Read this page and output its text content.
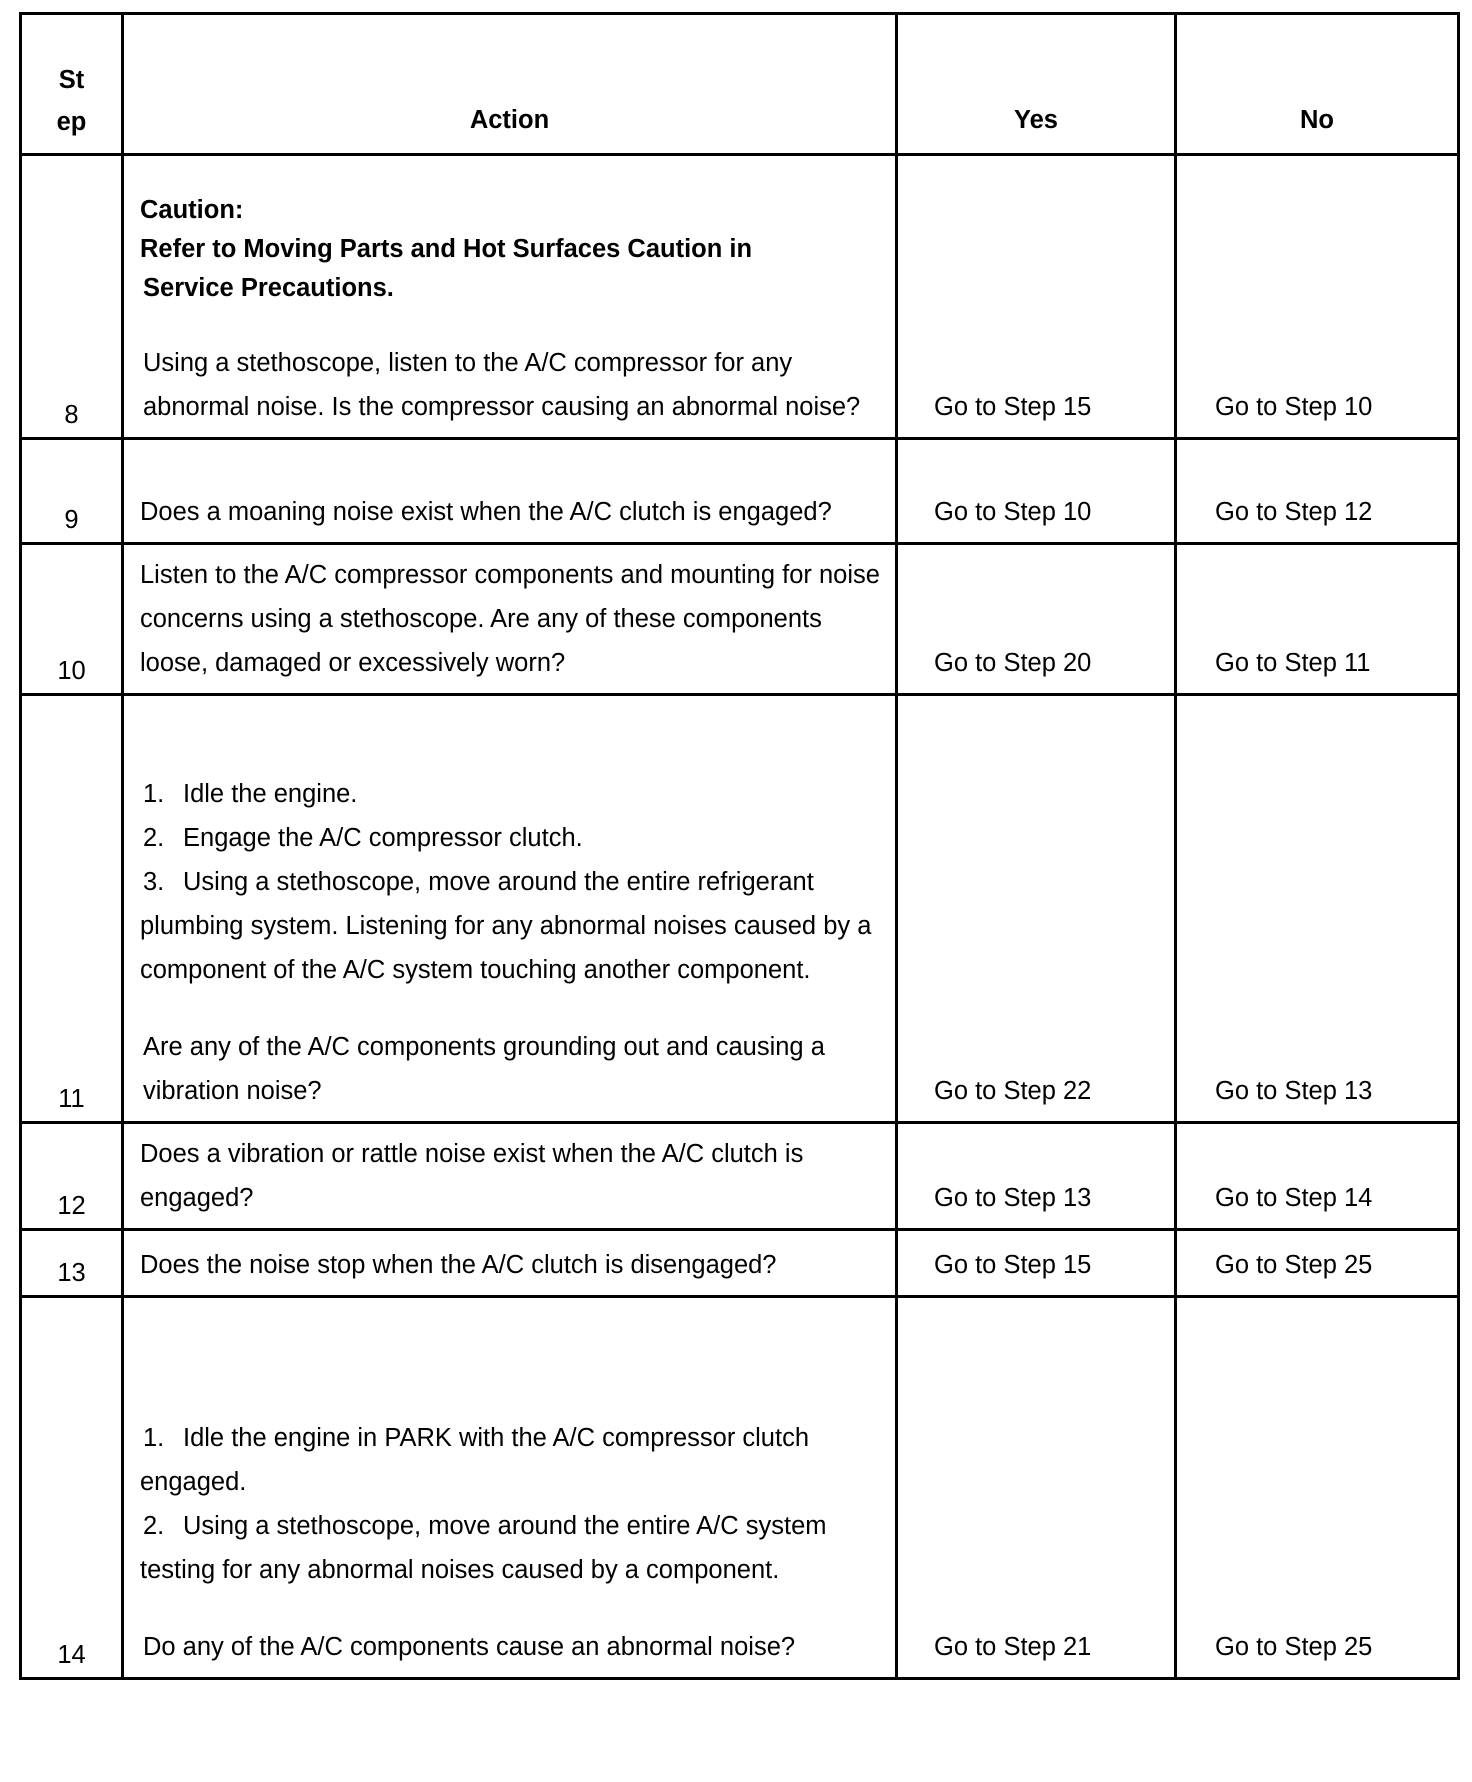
St
ep	Action	Yes	No
8	Caution:
Refer to Moving Parts and Hot Surfaces Caution in
Service Precautions.
Using a stethoscope, listen to the A/C compressor for any abnormal noise. Is the compressor causing an abnormal noise?	Go to Step 15	Go to Step 10

9	Does a moaning noise exist when the A/C clutch is engaged?	Go to Step 10	Go to Step 12

10	Listen to the A/C compressor components and mounting for noise concerns using a stethoscope. Are any of these components loose, damaged or excessively worn?	Go to Step 20	Go to Step 11

11	1. Idle the engine.
2. Engage the A/C compressor clutch.
3. Using a stethoscope, move around the entire refrigerant plumbing system. Listening for any abnormal noises caused by a component of the A/C system touching another component.
Are any of the A/C components grounding out and causing a vibration noise?	Go to Step 22	Go to Step 13

12	Does a vibration or rattle noise exist when the A/C clutch is engaged?	Go to Step 13	Go to Step 14

13	Does the noise stop when the A/C clutch is disengaged?	Go to Step 15	Go to Step 25

14	1. Idle the engine in PARK with the A/C compressor clutch engaged.
2. Using a stethoscope, move around the entire A/C system testing for any abnormal noises caused by a component.
Do any of the A/C components cause an abnormal noise?	Go to Step 21	Go to Step 25
